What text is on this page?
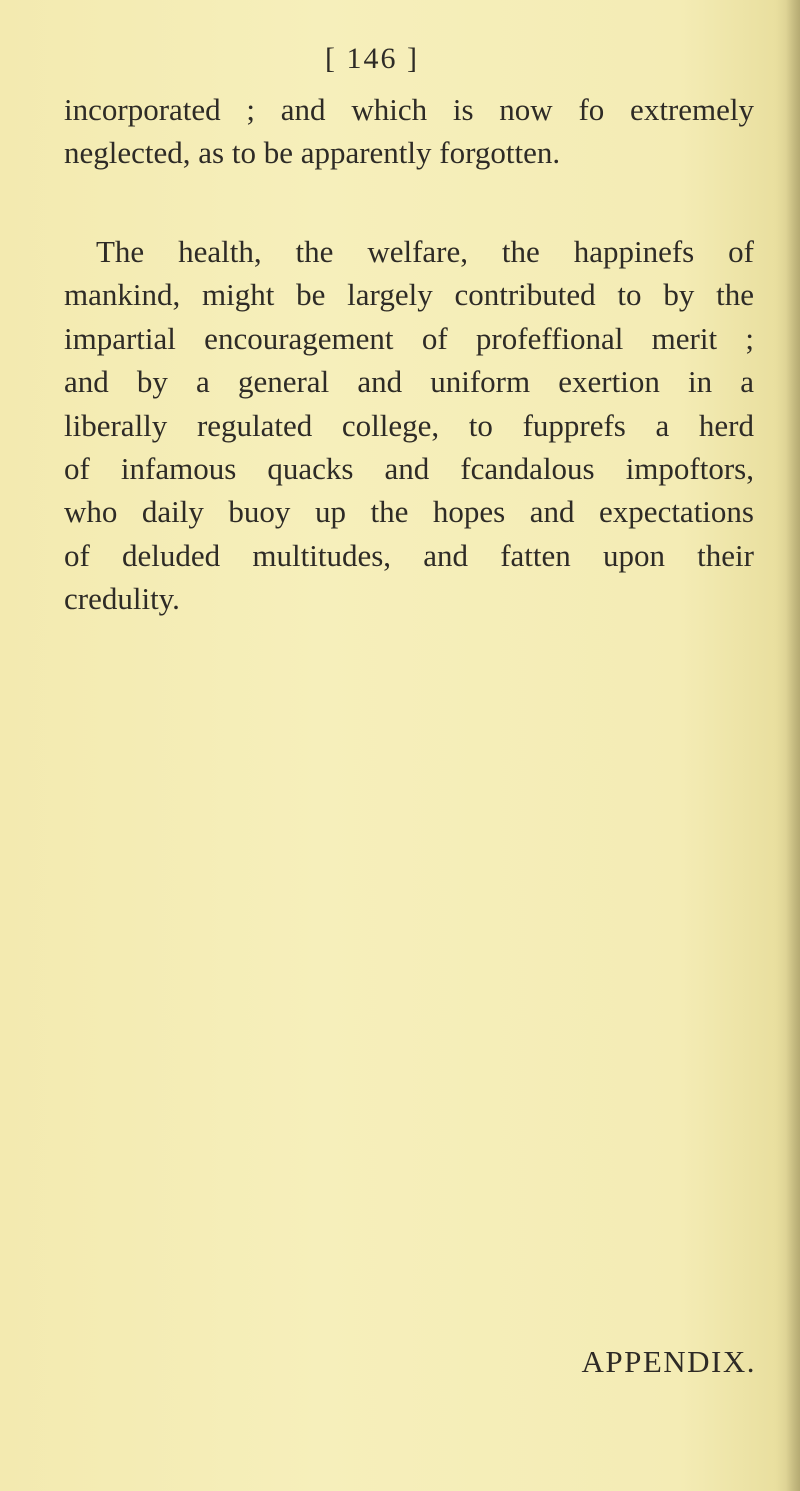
[ 146 ]
incorporated ; and which is now fo extremely
neglected, as to be apparently forgotten.
The health, the welfare, the happinefs of
mankind, might be largely contributed to by the
impartial encouragement of profeffional merit ;
and by a general and uniform exertion in a
liberally regulated college, to fupprefs a herd
of infamous quacks and fcandalous impoftors,
who daily buoy up the hopes and expectations
of deluded multitudes, and fatten upon their
credulity.
APPENDIX.
